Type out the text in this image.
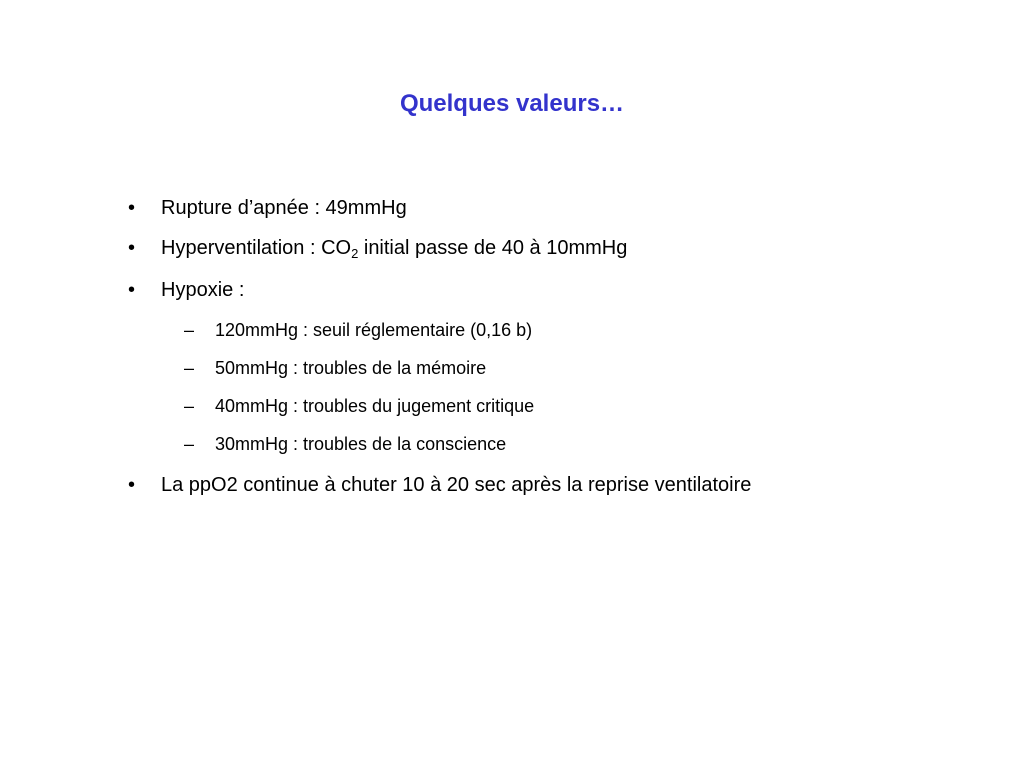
Quelques valeurs…
• Rupture d’apnée : 49mmHg
• Hyperventilation : $CO_2$ initial passe de 40 à 10mmHg
• Hypoxie :
– 120mmHg : seuil réglementaire (0,16 b)
– 50mmHg : troubles de la mémoire
– 40mmHg : troubles du jugement critique
– 30mmHg : troubles de la conscience
• La ppO2 continue à chuter 10 à 20 sec après la reprise ventilatoire
